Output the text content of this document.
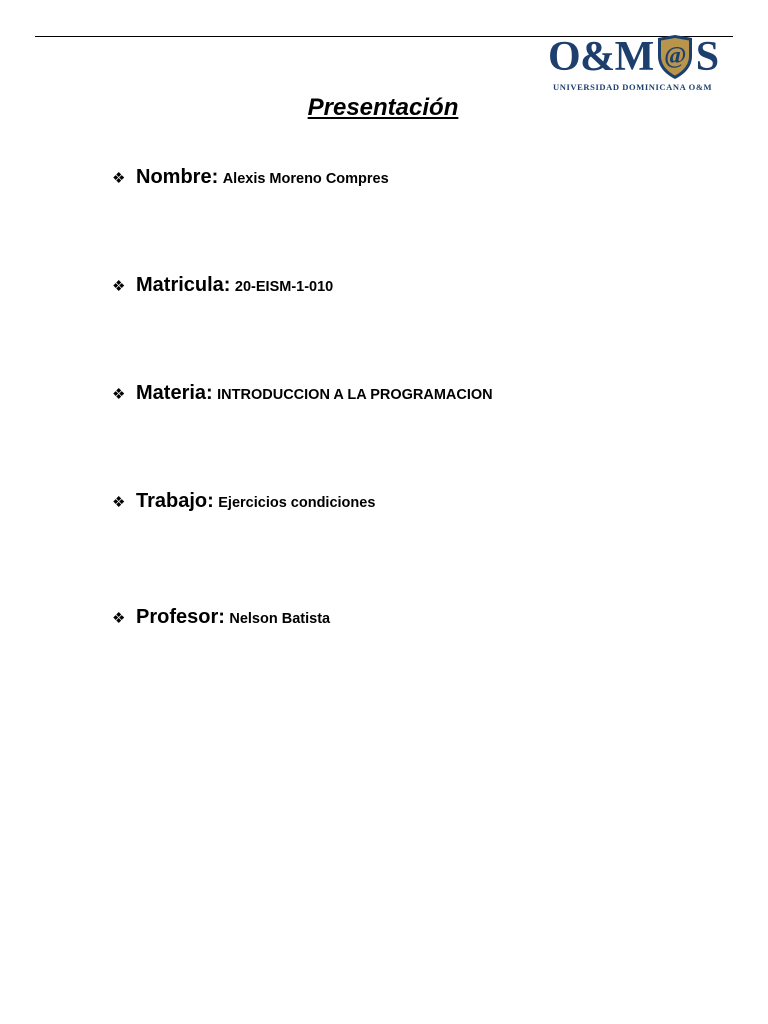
O&M @ S
UNIVERSIDAD DOMINICANA O&M
Presentación
❖ Nombre: Alexis Moreno Compres
❖ Matricula: 20-EISM-1-010
❖ Materia: INTRODUCCION A LA PROGRAMACION
❖ Trabajo: Ejercicios condiciones
❖ Profesor: Nelson Batista
